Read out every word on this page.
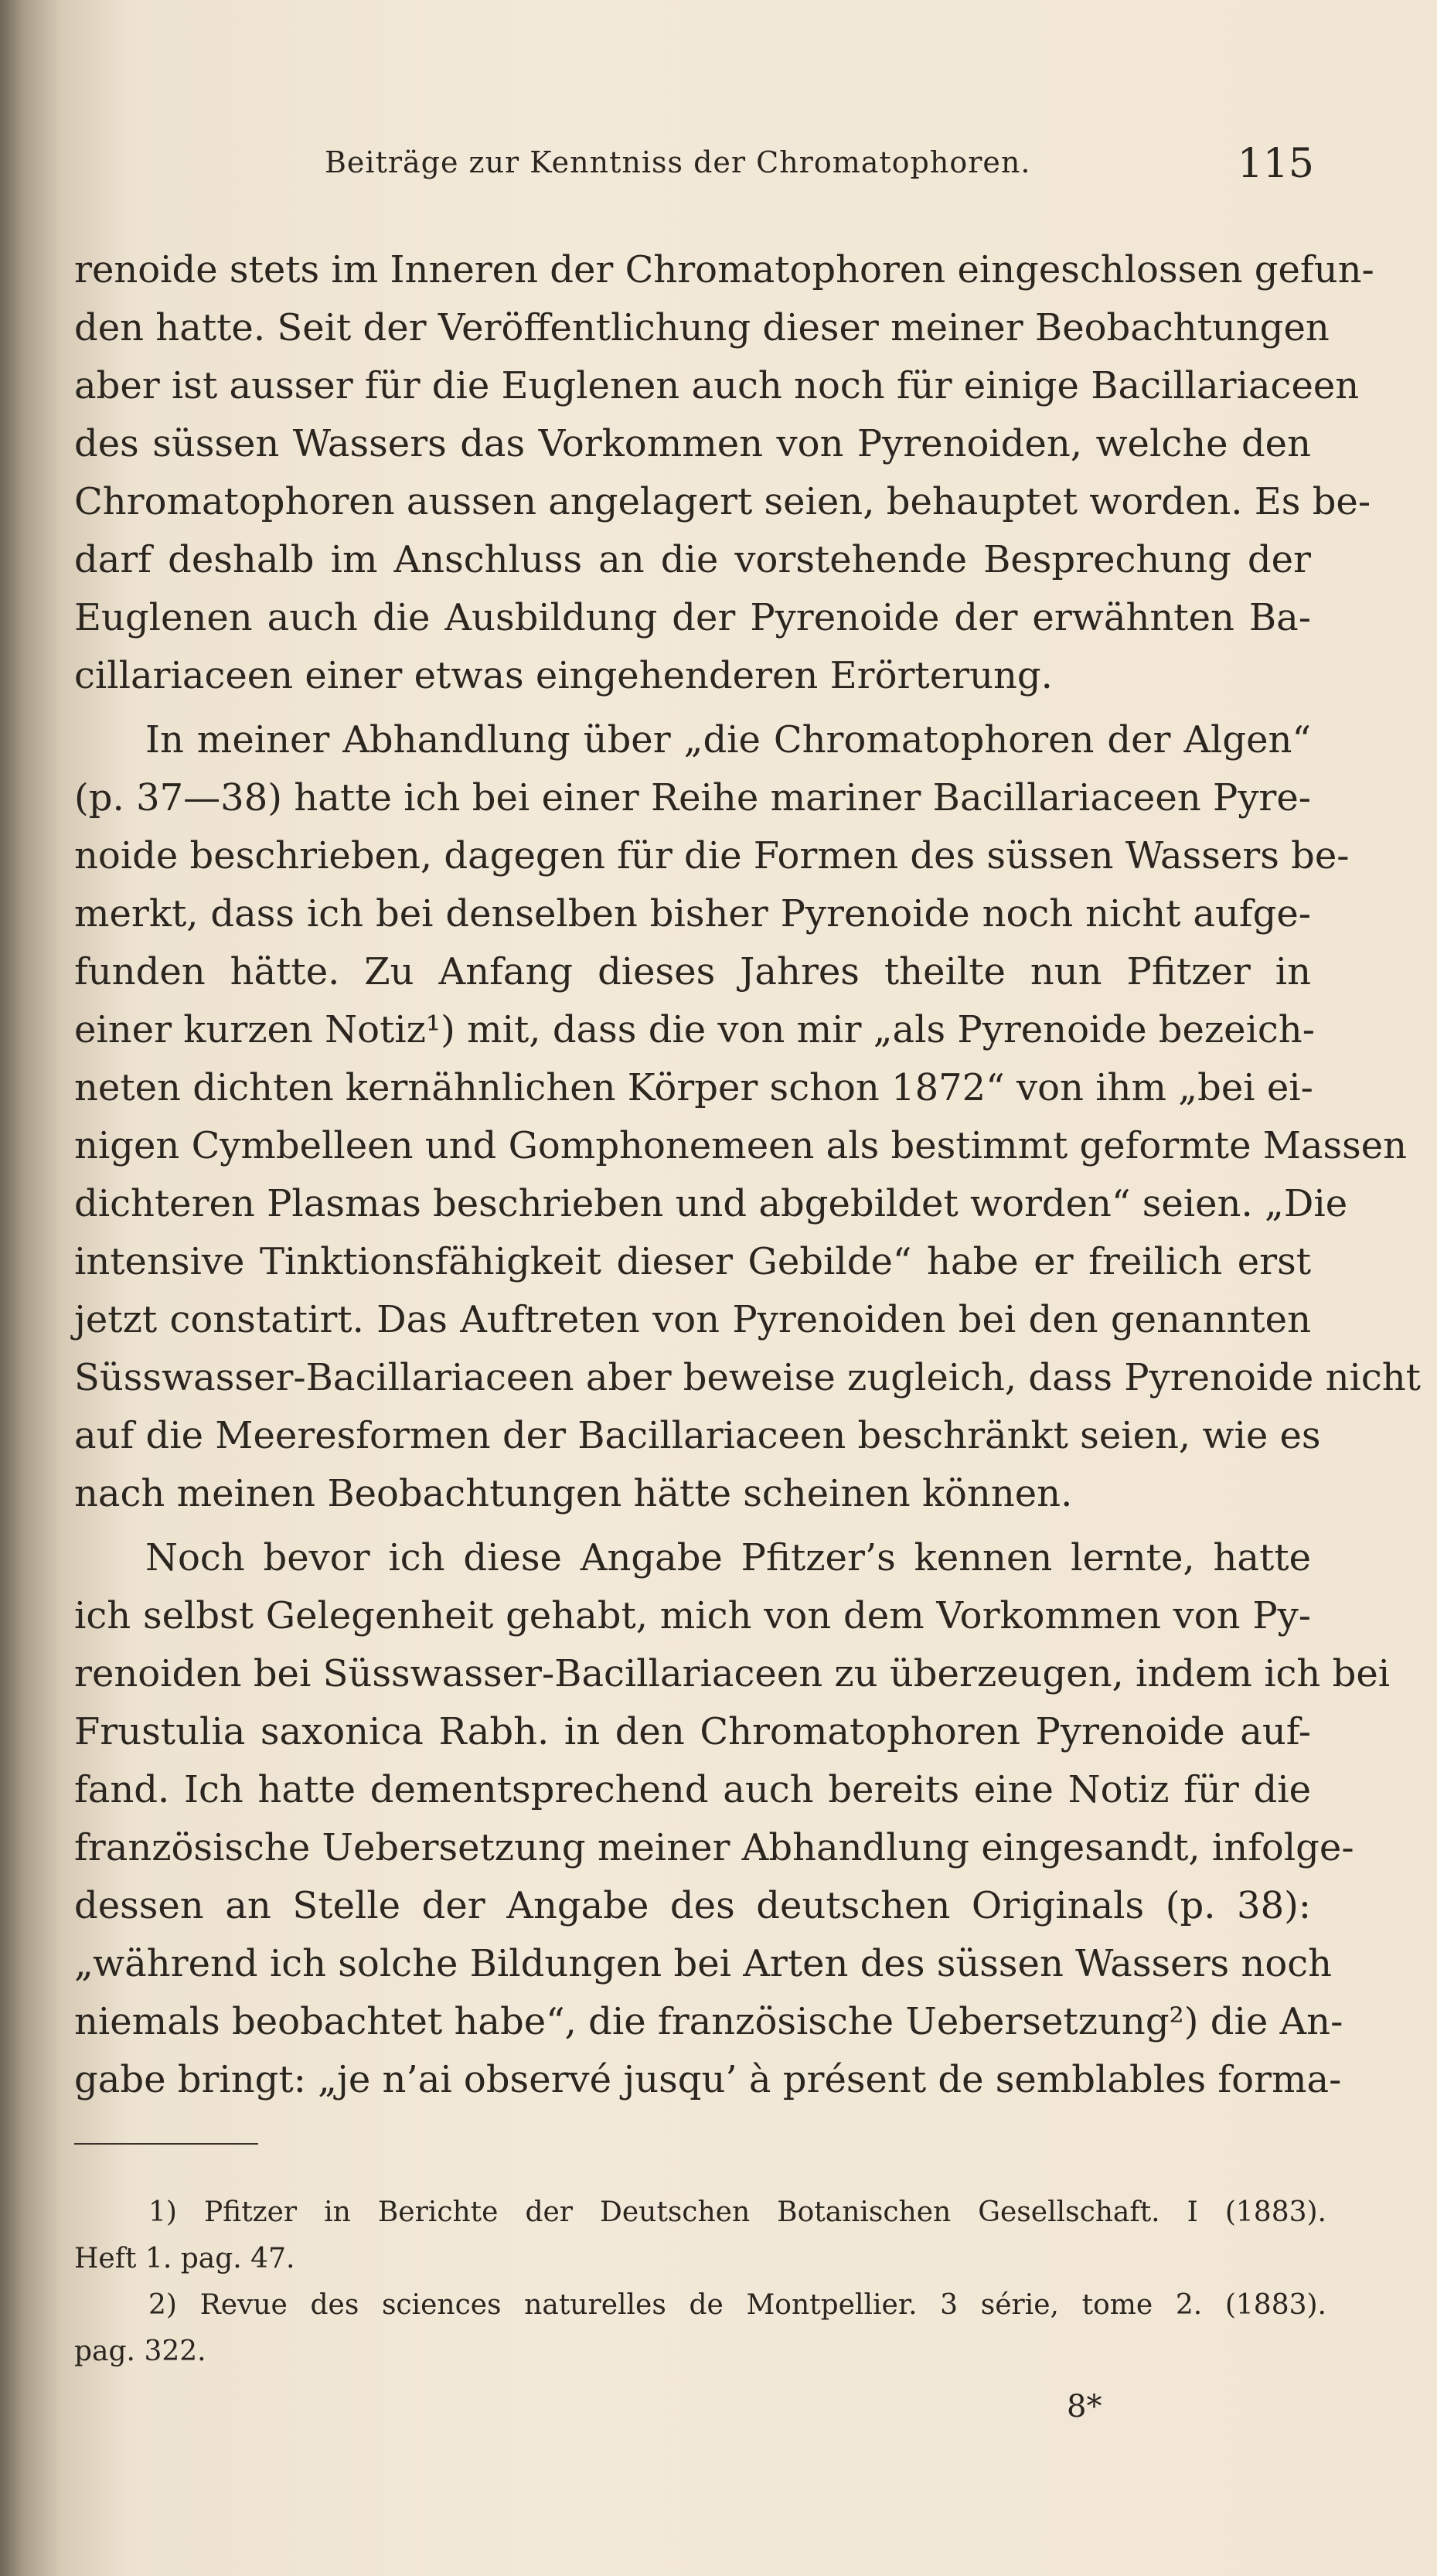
Beiträge zur Kenntniss der Chromatophoren.	115
renoide stets im Inneren der Chromatophoren eingeschlossen gefun-
den hatte. Seit der Veröffentlichung dieser meiner Beobachtungen
aber ist ausser für die Euglenen auch noch für einige Bacillariaceen
des süssen Wassers das Vorkommen von Pyrenoiden, welche den
Chromatophoren aussen angelagert seien, behauptet worden. Es be-
darf deshalb im Anschluss an die vorstehende Besprechung der
Euglenen auch die Ausbildung der Pyrenoide der erwähnten Ba-
cillariaceen einer etwas eingehenderen Erörterung.
In meiner Abhandlung über „die Chromatophoren der Algen“
(p. 37—38) hatte ich bei einer Reihe mariner Bacillariaceen Pyre-
noide beschrieben, dagegen für die Formen des süssen Wassers be-
merkt, dass ich bei denselben bisher Pyrenoide noch nicht aufge-
funden hätte. Zu Anfang dieses Jahres theilte nun Pfitzer in
einer kurzen Notiz¹) mit, dass die von mir „als Pyrenoide bezeich-
neten dichten kernähnlichen Körper schon 1872“ von ihm „bei ei-
nigen Cymbelleen und Gomphonemeen als bestimmt geformte Massen
dichteren Plasmas beschrieben und abgebildet worden“ seien. „Die
intensive Tinktionsfähigkeit dieser Gebilde“ habe er freilich erst
jetzt constatirt. Das Auftreten von Pyrenoiden bei den genannten
Süsswasser-Bacillariaceen aber beweise zugleich, dass Pyrenoide nicht
auf die Meeresformen der Bacillariaceen beschränkt seien, wie es
nach meinen Beobachtungen hätte scheinen können.
Noch bevor ich diese Angabe Pfitzer’s kennen lernte, hatte
ich selbst Gelegenheit gehabt, mich von dem Vorkommen von Py-
renoiden bei Süsswasser-Bacillariaceen zu überzeugen, indem ich bei
Frustulia saxonica Rabh. in den Chromatophoren Pyrenoide auf-
fand. Ich hatte dementsprechend auch bereits eine Notiz für die
französische Uebersetzung meiner Abhandlung eingesandt, infolge-
dessen an Stelle der Angabe des deutschen Originals (p. 38):
„während ich solche Bildungen bei Arten des süssen Wassers noch
niemals beobachtet habe“, die französische Uebersetzung²) die An-
gabe bringt: „je n’ai observé jusqu’ à présent de semblables forma-
1) Pfitzer in Berichte der Deutschen Botanischen Gesellschaft. I (1883).
Heft 1. pag. 47.
2) Revue des sciences naturelles de Montpellier. 3 série, tome 2. (1883).
pag. 322.
8*
